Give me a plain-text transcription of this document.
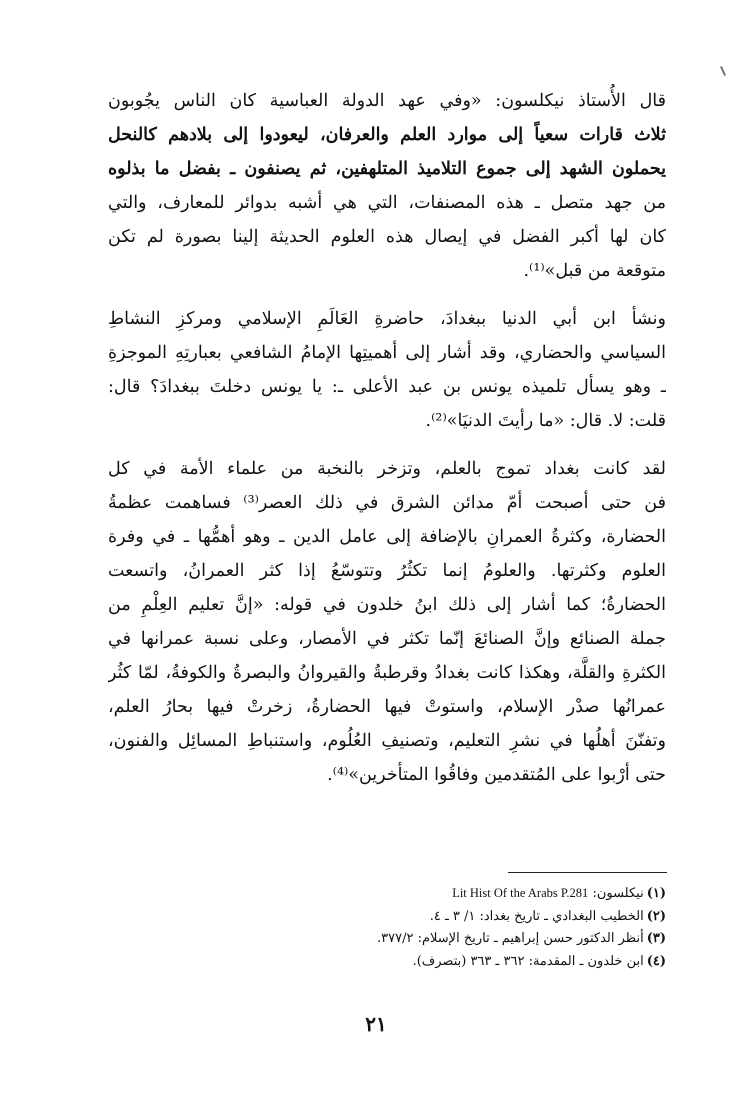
قال الأُستاذ نيكلسون: «وفي عهد الدولة العباسية كان الناس يجُوبون
ثلاث قارات سعياً إلى موارد العلم والعرفان، ليعودوا إلى بلادهم كالنحل
يحملون الشهد إلى جموع التلاميذ المتلهفين، ثم يصنفون ـ بفضل ما بذلوه
من جهد متصل ـ هذه المصنفات، التي هي أشبه بدوائر للمعارف، والتي
كان لها أكبر الفضل في إيصال هذه العلوم الحديثة إلينا بصورة لم تكن
متوقعة من قبل»⁽¹⁾.

ونشأ ابن أبي الدنيا ببغدادَ، حاضرةِ العَالَمِ الإسلامي ومركزِ النشاطِ
السياسي والحضاري، وقد أشار إلى أهميتِها الإمامُ الشافعي بعبارتِهِ الموجزةِ
ـ وهو يسأل تلميذه يونس بن عبد الأعلى ـ: يا يونس دخلتَ ببغدادَ؟ قال:
قلت: لا. قال: «ما رأيتَ الدنيَا»⁽²⁾.

لقد كانت بغداد تموج بالعلم، وتزخر بالنخبة من علماء الأمة في كل
فن حتى أصبحت أمّ مدائن الشرق في ذلك العصر⁽³⁾ فساهمت عظمةُ
الحضارة، وكثرةُ العمرانِ بالإضافة إلى عامل الدين ـ وهو أهمُّها ـ في وفرة
العلوم وكثرتها. والعلومُ إنما تكثُرُ وتتوسّعُ إذا كثر العمرانُ، واتسعت
الحضارةُ؛ كما أشار إلى ذلك ابنُ خلدون في قوله: «إنَّ تعليم العِلْمِ من
جملة الصنائع وإنَّ الصنائعَ إنّما تكثر في الأمصار، وعلى نسبة عمرانها في
الكثرةِ والقلَّة، وهكذا كانت بغدادُ وقرطبةُ والقيروانُ والبصرةُ والكوفةُ، لمّا كثُر
عمرانُها صدْر الإسلام، واستوتْ فيها الحضارةُ، زخرتْ فيها بحارُ العلم،
وتفنّنَ أهلُها في نشرِ التعليم، وتصنيفِ العُلُوم، واستنباطِ المسائِل والفنون،
حتى أرْبوا على المُتقدمين وفاقُوا المتأخرين»⁽⁴⁾.

(١)نيكلسون: Lit Hist Of the Arabs P.281
(٢)الخطيب البغدادي ـ تاريخ بغداد: ١/ ٣ ـ ٤.
(٣)أنظر الدكتور حسن إبراهيم ـ تاريخ الإسلام: ٣٧٧/٢.
(٤)ابن خلدون ـ المقدمة: ٣٦٢ ـ ٣٦٣ (بتصرف).
٢١
